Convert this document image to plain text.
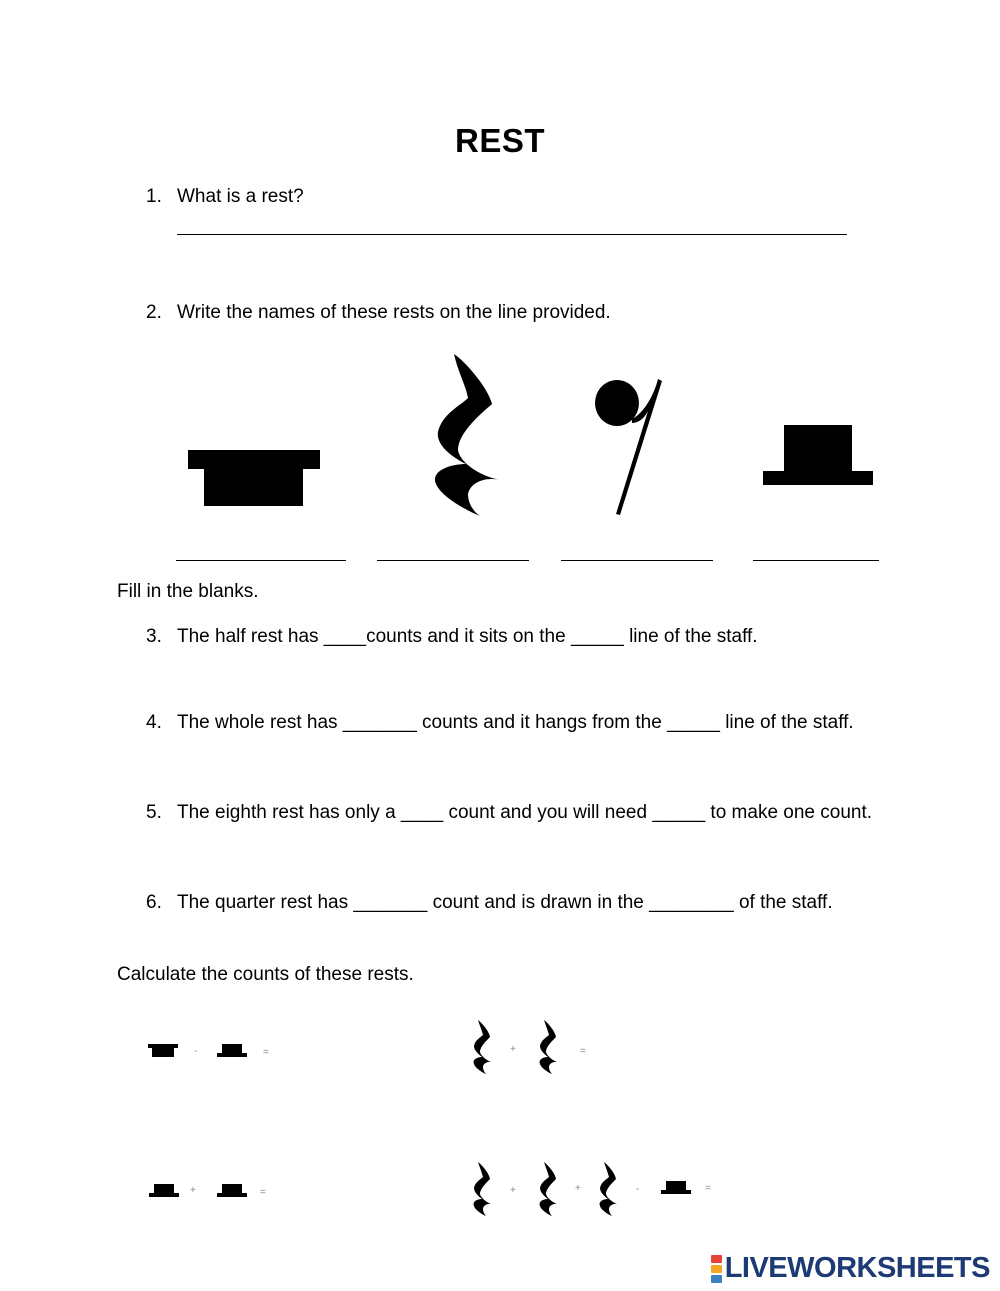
REST
1. What is a rest?
2. Write the names of these rests on the line provided.
Fill in the blanks.
3. The half rest has ____counts and it sits on the _____ line of the staff.
4. The whole rest has _______ counts and it hangs from the _____ line of the staff.
5. The eighth rest has only a ____ count and you will need _____ to make one count.
6. The quarter rest has _______ count and is drawn in the ________ of the staff.
Calculate the counts of these rests.
-	=	+	=
+	=	+	+	-	=
LIVEWORKSHEETS
